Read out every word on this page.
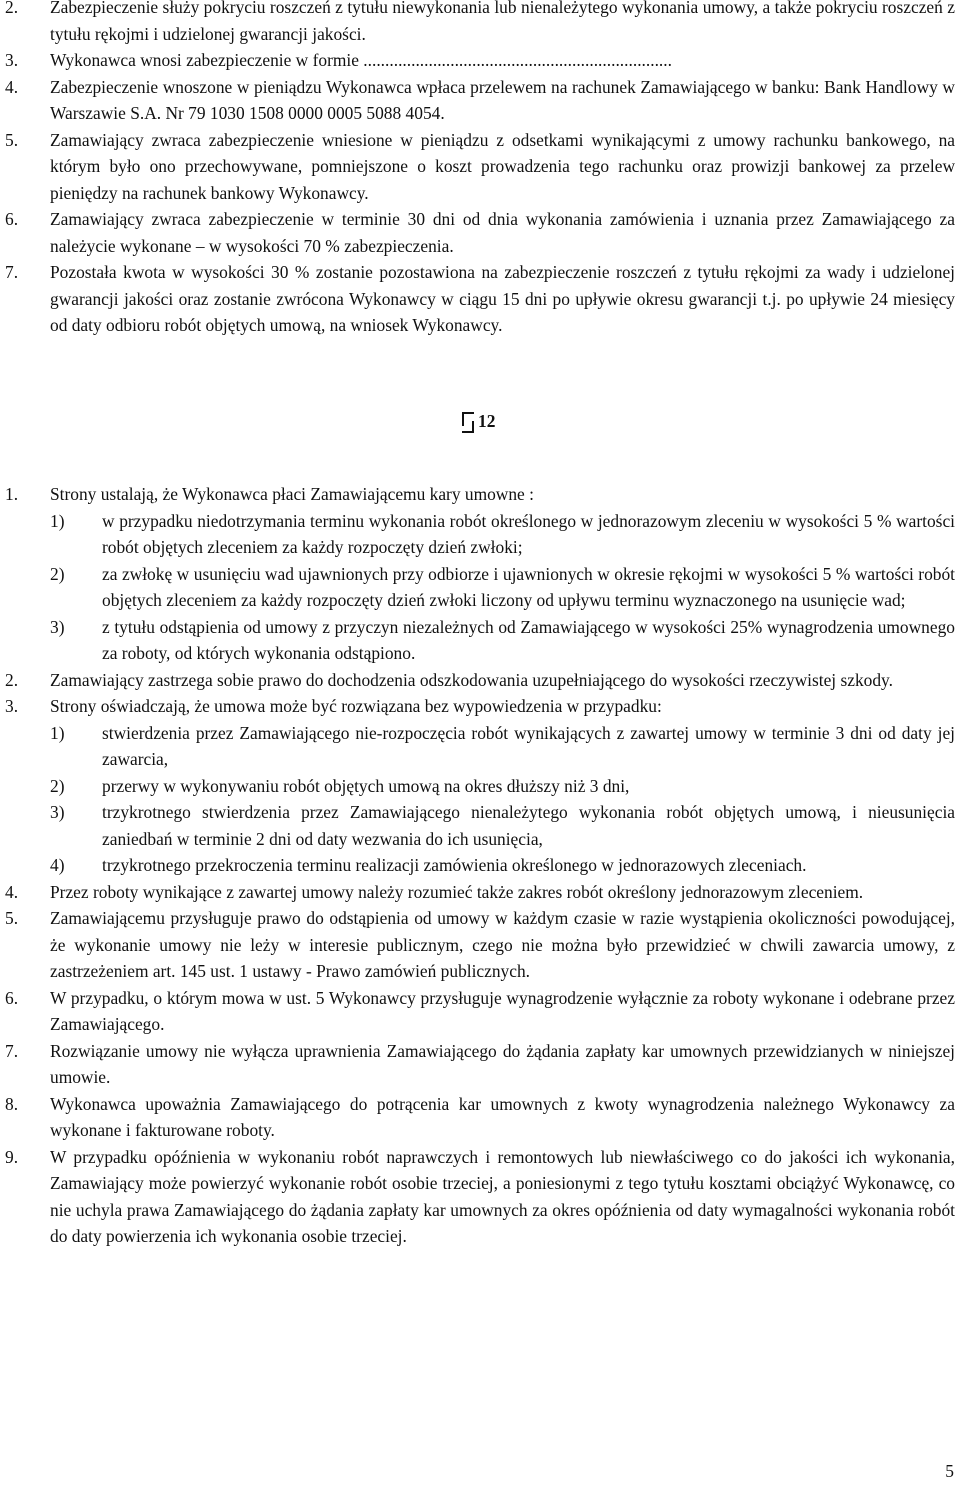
2. Zabezpieczenie służy pokryciu roszczeń z tytułu niewykonania lub nienależytego wykonania umowy, a także pokryciu roszczeń z tytułu rękojmi i udzielonej gwarancji jakości.
3. Wykonawca wnosi zabezpieczenie w formie .......................................................................
4. Zabezpieczenie wnoszone w pieniądzu Wykonawca wpłaca przelewem na rachunek Zamawiającego w banku: Bank Handlowy w Warszawie S.A. Nr 79 1030 1508 0000 0005 5088 4054.
5. Zamawiający zwraca zabezpieczenie wniesione w pieniądzu z odsetkami wynikającymi z umowy rachunku bankowego, na którym było ono przechowywane, pomniejszone o koszt prowadzenia tego rachunku oraz prowizji bankowej za przelew pieniędzy na rachunek bankowy Wykonawcy.
6. Zamawiający zwraca zabezpieczenie w terminie 30 dni od dnia wykonania zamówienia i uznania przez Zamawiającego za należycie wykonane – w wysokości 70 % zabezpieczenia.
7. Pozostała kwota w wysokości 30 % zostanie pozostawiona na zabezpieczenie roszczeń z tytułu rękojmi za wady i udzielonej gwarancji jakości oraz zostanie zwrócona Wykonawcy w ciągu 15 dni po upływie okresu gwarancji t.j. po upływie 24 miesięcy od daty odbioru robót objętych umową, na wniosek Wykonawcy.
12
1. Strony ustalają, że Wykonawca płaci Zamawiającemu kary umowne :
1) w przypadku niedotrzymania terminu wykonania robót określonego w jednorazowym zleceniu w wysokości 5 % wartości robót objętych zleceniem za każdy rozpoczęty dzień zwłoki;
2) za zwłokę w usunięciu wad ujawnionych przy odbiorze i ujawnionych w okresie rękojmi w wysokości 5 % wartości robót objętych zleceniem za każdy rozpoczęty dzień zwłoki liczony od upływu terminu wyznaczonego na usunięcie wad;
3) z tytułu odstąpienia od umowy z przyczyn niezależnych od Zamawiającego w wysokości 25% wynagrodzenia umownego za roboty, od których wykonania odstąpiono.
2. Zamawiający zastrzega sobie prawo do dochodzenia odszkodowania uzupełniającego do wysokości rzeczywistej szkody.
3. Strony oświadczają, że umowa może być rozwiązana bez wypowiedzenia w przypadku:
1) stwierdzenia przez Zamawiającego nie-rozpoczęcia robót wynikających z zawartej umowy w terminie 3 dni od daty jej zawarcia,
2) przerwy w wykonywaniu robót objętych umową na okres dłuższy niż 3 dni,
3) trzykrotnego stwierdzenia przez Zamawiającego nienależytego wykonania robót objętych umową, i nieusunięcia zaniedbań w terminie 2 dni od daty wezwania do ich usunięcia,
4) trzykrotnego przekroczenia terminu realizacji zamówienia określonego w jednorazowych zleceniach.
4. Przez roboty wynikające z zawartej umowy należy rozumieć także zakres robót określony jednorazowym zleceniem.
5. Zamawiającemu przysługuje prawo do odstąpienia od umowy w każdym czasie w razie wystąpienia okoliczności powodującej, że wykonanie umowy nie leży w interesie publicznym, czego nie można było przewidzieć w chwili zawarcia umowy, z zastrzeżeniem art. 145 ust. 1 ustawy - Prawo zamówień publicznych.
6. W przypadku, o którym mowa w ust. 5 Wykonawcy przysługuje wynagrodzenie wyłącznie za roboty wykonane i odebrane przez Zamawiającego.
7. Rozwiązanie umowy nie wyłącza uprawnienia Zamawiającego do żądania zapłaty kar umownych przewidzianych w niniejszej umowie.
8. Wykonawca upoważnia Zamawiającego do potrącenia kar umownych z kwoty wynagrodzenia należnego Wykonawcy za wykonane i fakturowane roboty.
9. W przypadku opóźnienia w wykonaniu robót naprawczych i remontowych lub niewłaściwego co do jakości ich wykonania, Zamawiający może powierzyć wykonanie robót osobie trzeciej, a poniesionymi z tego tytułu kosztami obciążyć Wykonawcę, co nie uchyla prawa Zamawiającego do żądania zapłaty kar umownych za okres opóźnienia od daty wymagalności wykonania robót do daty powierzenia ich wykonania osobie trzeciej.
5
